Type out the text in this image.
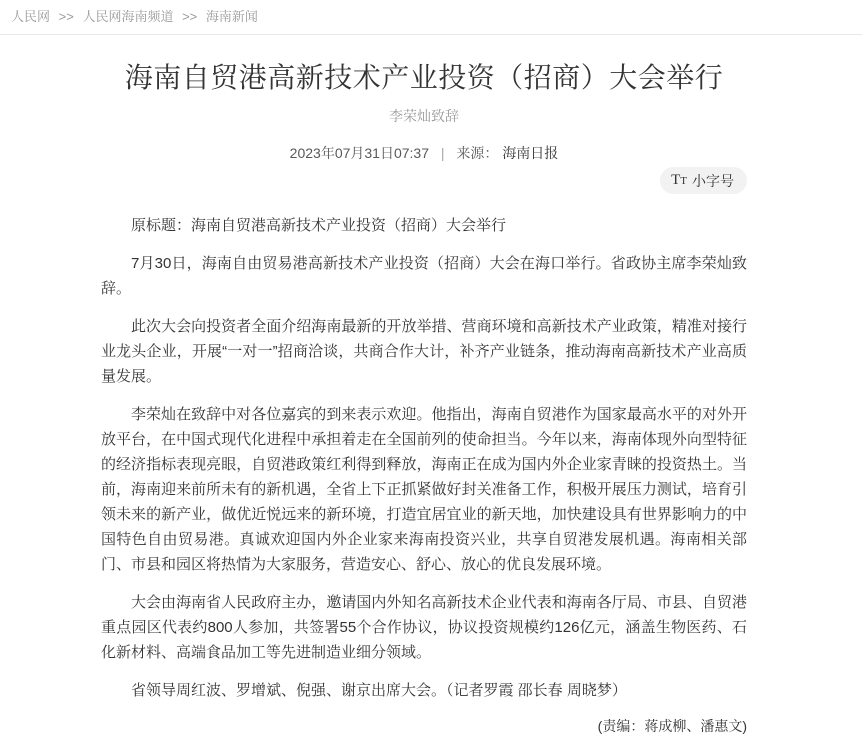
人民网 >> 人民网海南频道 >> 海南新闻
海南自贸港高新技术产业投资（招商）大会举行
李荣灿致辞
2023年07月31日07:37 | 来源： 海南日报
TT 小字号

原标题：海南自贸港高新技术产业投资（招商）大会举行

7月30日，海南自由贸易港高新技术产业投资（招商）大会在海口举行。省政协主席李荣灿致辞。

此次大会向投资者全面介绍海南最新的开放举措、营商环境和高新技术产业政策，精准对接行业龙头企业，开展“一对一”招商洽谈，共商合作大计，补齐产业链条，推动海南高新技术产业高质量发展。

李荣灿在致辞中对各位嘉宾的到来表示欢迎。他指出，海南自贸港作为国家最高水平的对外开放平台，在中国式现代化进程中承担着走在全国前列的使命担当。今年以来，海南体现外向型特征的经济指标表现亮眼，自贸港政策红利得到释放，海南正在成为国内外企业家青睐的投资热土。当前，海南迎来前所未有的新机遇，全省上下正抓紧做好封关准备工作，积极开展压力测试，培育引领未来的新产业，做优近悦远来的新环境，打造宜居宜业的新天地，加快建设具有世界影响力的中国特色自由贸易港。真诚欢迎国内外企业家来海南投资兴业，共享自贸港发展机遇。海南相关部门、市县和园区将热情为大家服务，营造安心、舒心、放心的优良发展环境。

大会由海南省人民政府主办，邀请国内外知名高新技术企业代表和海南各厅局、市县、自贸港重点园区代表约800人参加，共签署55个合作协议，协议投资规模约126亿元，涵盖生物医药、石化新材料、高端食品加工等先进制造业细分领域。

省领导周红波、罗增斌、倪强、谢京出席大会。（记者罗霞 邵长春 周晓梦）

(责编：蒋成柳、潘惠文)
